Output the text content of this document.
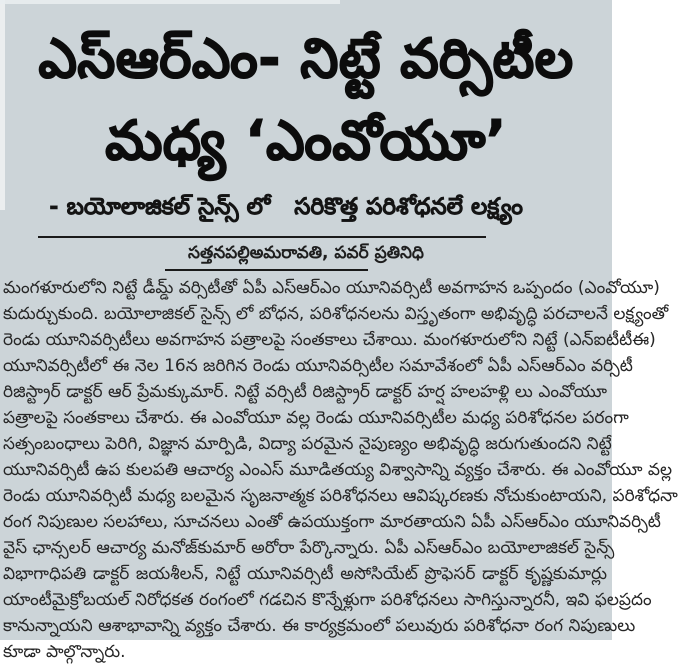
ఎస్ఆర్ఎం- నిట్టే వర్సిటీల
మధ్య ‘ఎంవోయూ’
- బయోలాజికల్ సైన్స్ లో   సరికొత్త పరిశోధనలే లక్ష్యం
సత్తనపల్లిఅమరావతి, పవర్ ప్రతినిధి
మంగళూరులోని నిట్టే డీమ్డ్ వర్సిటీతో ఏపీ ఎస్ఆర్ఎం యూనివర్సిటీ అవగాహన ఒప్పందం (ఎంవోయూ)
కుదుర్చుకుంది. బయోలాజికల్ సైన్స్ లో బోధన, పరిశోధనలను విస్తృతంగా అభివృద్ధి పరచాలనే లక్ష్యంతో
రెండు యూనివర్సిటీలు అవగాహన పత్రాలపై సంతకాలు చేశాయి. మంగళూరులోని నిట్టే (ఎన్ఐటీటీఈ)
యూనివర్సిటీలో ఈ నెల 16న జరిగిన రెండు యూనివర్సిటీల సమావేశంలో ఏపీ ఎస్ఆర్ఎం వర్సిటీ
రిజిస్ట్రార్ డాక్టర్ ఆర్ ప్రేమక్కుమార్. నిట్టే వర్సిటీ రిజిస్ట్రార్ డాక్టర్ హర్ష హలహళ్లి లు ఎంవోయూ
పత్రాలపై సంతకాలు చేశారు. ఈ ఎంవోయూ వల్ల రెండు యూనివర్సిటీల మధ్య పరిశోధనల పరంగా
సత్సంబంధాలు పెరిగి, విజ్ఞాన మార్పిడి, విద్యా పరమైన నైపుణ్యం అభివృద్ధి జరుగుతుందని నిట్టే
యూనివర్సిటీ ఉప కులపతి ఆచార్య ఎంఎస్ మూడితయ్య విశ్వాసాన్ని వ్యక్తం చేశారు. ఈ ఎంవోయూ వల్ల
రెండు యూనివర్సిటీ మధ్య బలమైన సృజనాత్మక పరిశోధనలు ఆవిష్కరణకు నోచుకుంటాయని, పరిశోధనా
రంగ నిపుణుల సలహాలు, సూచనలు ఎంతో ఉపయుక్తంగా మారతాయని ఏపీ ఎస్ఆర్ఎం యూనివర్సిటీ
వైస్ ఛాన్సలర్ ఆచార్య మనోజ్‌కుమార్ అరోరా పేర్కొన్నారు. ఏపీ ఎస్ఆర్ఎం బయోలాజికల్ సైన్స్
విభాగాధిపతి డాక్టర్ జయశీలన్, నిట్టే యూనివర్సిటీ అసోసియేట్ ప్రొఫెసర్ డాక్టర్ కృష్ణకుమార్లు
యాంటీమైక్రోబయల్ నిరోధకత రంగంలో గడచిన కొన్నేళ్లుగా పరిశోధనలు సాగిస్తున్నారనీ, ఇవి ఫలప్రదం
కానున్నాయని ఆశాభావాన్ని వ్యక్తం చేశారు. ఈ కార్యక్రమంలో పలువురు పరిశోధనా రంగ నిపుణులు
కూడా పాల్గొన్నారు.
